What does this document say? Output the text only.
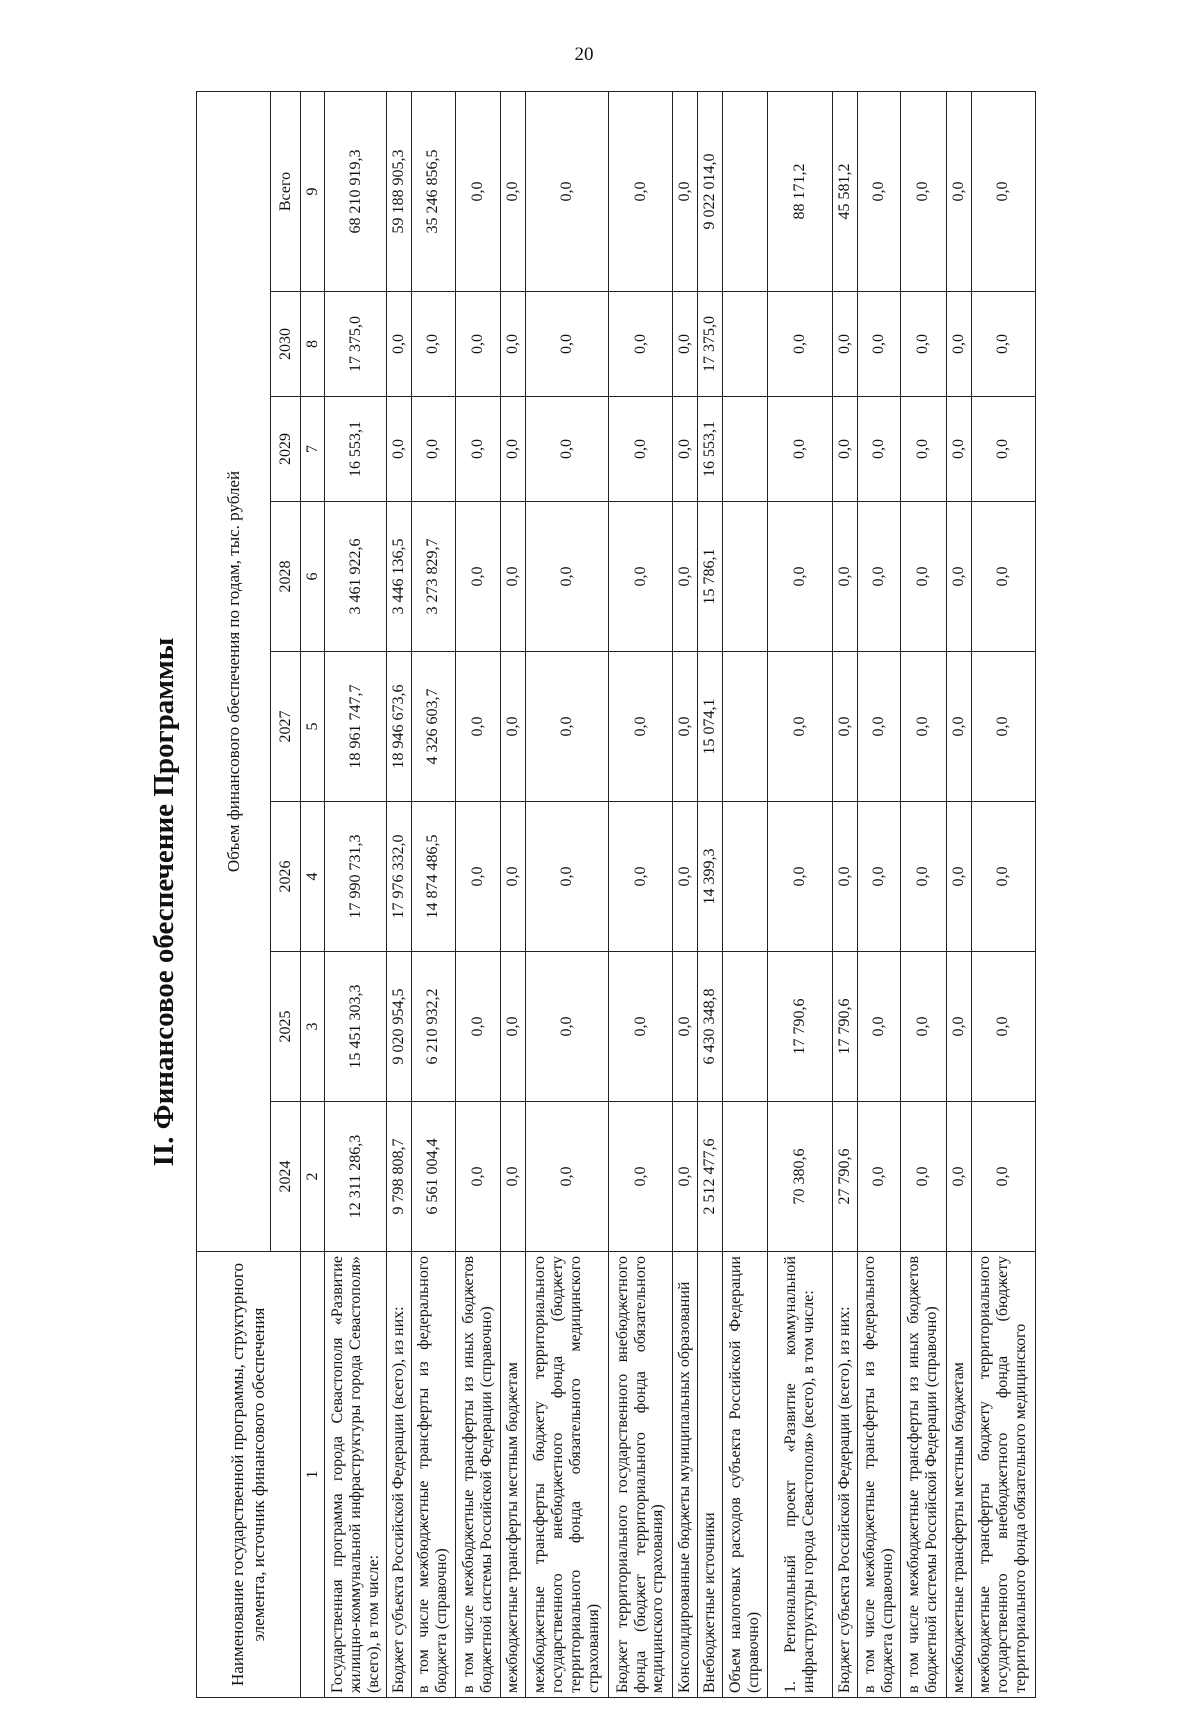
20
II. Финансовое обеспечение Программы
Наименование государственной программы, структурного элемента, источник финансового обеспечения	Объем финансового обеспечения по годам, тыс. рублей							
	2024	2025	2026	2027	2028	2029	2030	Всего
1	2	3	4	5	6	7	8	9
Государственная программа города Севастополя «Развитие жилищно-коммунальной инфраструктуры города Севастополя» (всего), в том числе:	12 311 286,3	15 451 303,3	17 990 731,3	18 961 747,7	3 461 922,6	16 553,1	17 375,0	68 210 919,3
Бюджет субъекта Российской Федерации (всего), из них:	9 798 808,7	9 020 954,5	17 976 332,0	18 946 673,6	3 446 136,5	0,0	0,0	59 188 905,3
в том числе межбюджетные трансферты из федерального бюджета (справочно)	6 561 004,4	6 210 932,2	14 874 486,5	4 326 603,7	3 273 829,7	0,0	0,0	35 246 856,5
в том числе межбюджетные трансферты из иных бюджетов бюджетной системы Российской Федерации (справочно)	0,0	0,0	0,0	0,0	0,0	0,0	0,0	0,0
межбюджетные трансферты местным бюджетам	0,0	0,0	0,0	0,0	0,0	0,0	0,0	0,0
межбюджетные трансферты бюджету территориального государственного внебюджетного фонда (бюджету территориального фонда обязательного медицинского страхования)	0,0	0,0	0,0	0,0	0,0	0,0	0,0	0,0
Бюджет территориального государственного внебюджетного фонда (бюджет территориального фонда обязательного медицинского страхования)	0,0	0,0	0,0	0,0	0,0	0,0	0,0	0,0
Консолидированные бюджеты муниципальных образований	0,0	0,0	0,0	0,0	0,0	0,0	0,0	0,0
Внебюджетные источники	2 512 477,6	6 430 348,8	14 399,3	15 074,1	15 786,1	16 553,1	17 375,0	9 022 014,0
Объем налоговых расходов субъекта Российской Федерации (справочно)								
1. Региональный проект «Развитие коммунальной инфраструктуры города Севастополя» (всего), в том числе:	70 380,6	17 790,6	0,0	0,0	0,0	0,0	0,0	88 171,2
Бюджет субъекта Российской Федерации (всего), из них:	27 790,6	17 790,6	0,0	0,0	0,0	0,0	0,0	45 581,2
в том числе межбюджетные трансферты из федерального бюджета (справочно)	0,0	0,0	0,0	0,0	0,0	0,0	0,0	0,0
в том числе межбюджетные трансферты из иных бюджетов бюджетной системы Российской Федерации (справочно)	0,0	0,0	0,0	0,0	0,0	0,0	0,0	0,0
межбюджетные трансферты местным бюджетам	0,0	0,0	0,0	0,0	0,0	0,0	0,0	0,0
межбюджетные трансферты бюджету территориального государственного внебюджетного фонда (бюджету территориального фонда обязательного медицинского	0,0	0,0	0,0	0,0	0,0	0,0	0,0	0,0
